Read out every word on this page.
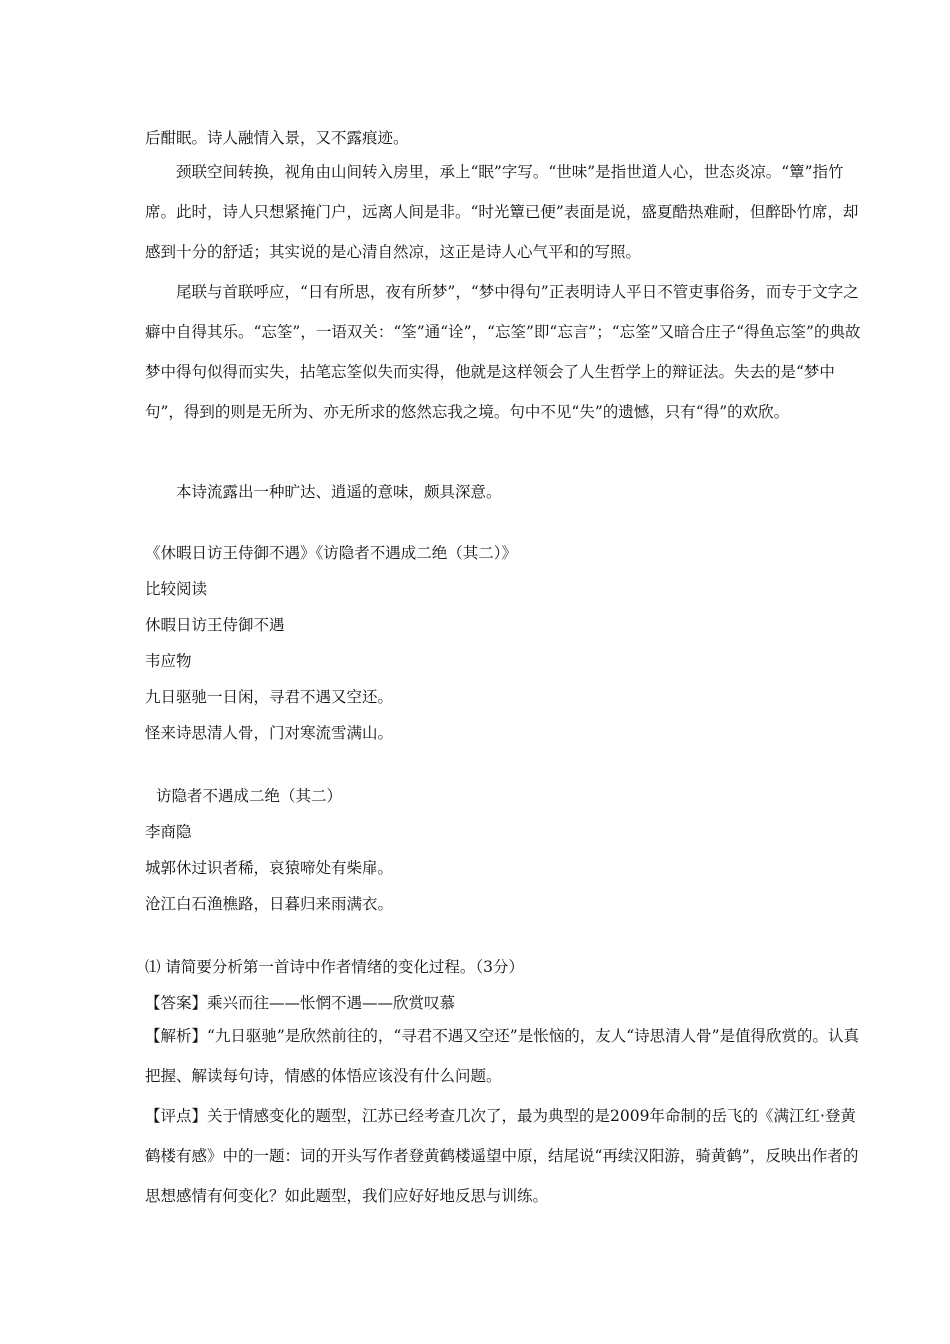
后酣眠。诗人融情入景，又不露痕迹。

颈联空间转换，视角由山间转入房里，承上“眠”字写。“世味”是指世道人心，世态炎凉。“簟”指竹席。此时，诗人只想紧掩门户，远离人间是非。“时光簟已便”表面是说，盛夏酷热难耐，但醉卧竹席，却感到十分的舒适；其实说的是心清自然凉，这正是诗人心气平和的写照。

尾联与首联呼应，“日有所思，夜有所梦”，“梦中得句”正表明诗人平日不管吏事俗务，而专于文字之癖中自得其乐。“忘筌”，一语双关：“筌”通“诠”，“忘筌”即“忘言”；“忘筌”又暗合庄子“得鱼忘筌”的典故梦中得句似得而实失，拈笔忘筌似失而实得，他就是这样领会了人生哲学上的辩证法。失去的是“梦中 句”，得到的则是无所为、亦无所求的悠然忘我之境。句中不见“失”的遗憾，只有“得”的欢欣。

本诗流露出一种旷达、逍遥的意味，颇具深意。

《休暇日访王侍御不遇》《访隐者不遇成二绝（其二）》

比较阅读

休暇日访王侍御不遇

韦应物

九日驱驰一日闲，寻君不遇又空还。

怪来诗思清人骨，门对寒流雪满山。

访隐者不遇成二绝（其二）

李商隐

城郭休过识者稀，哀猿啼处有柴扉。

沧江白石渔樵路，日暮归来雨满衣。

⑴ 请简要分析第一首诗中作者情绪的变化过程。（3分）

【答案】乘兴而往——怅惘不遇——欣赏叹慕

【解析】“九日驱驰”是欣然前往的，“寻君不遇又空还”是怅恼的，友人“诗思清人骨”是值得欣赏的。认真把握、解读每句诗，情感的体悟应该没有什么问题。

【评点】关于情感变化的题型，江苏已经考查几次了，最为典型的是2009年命制的岳飞的《满江红·登黄鹤楼有感》中的一题：词的开头写作者登黄鹤楼遥望中原，结尾说“再续汉阳游，骑黄鹤”，反映出作者的思想感情有何变化？如此题型，我们应好好地反思与训练。
